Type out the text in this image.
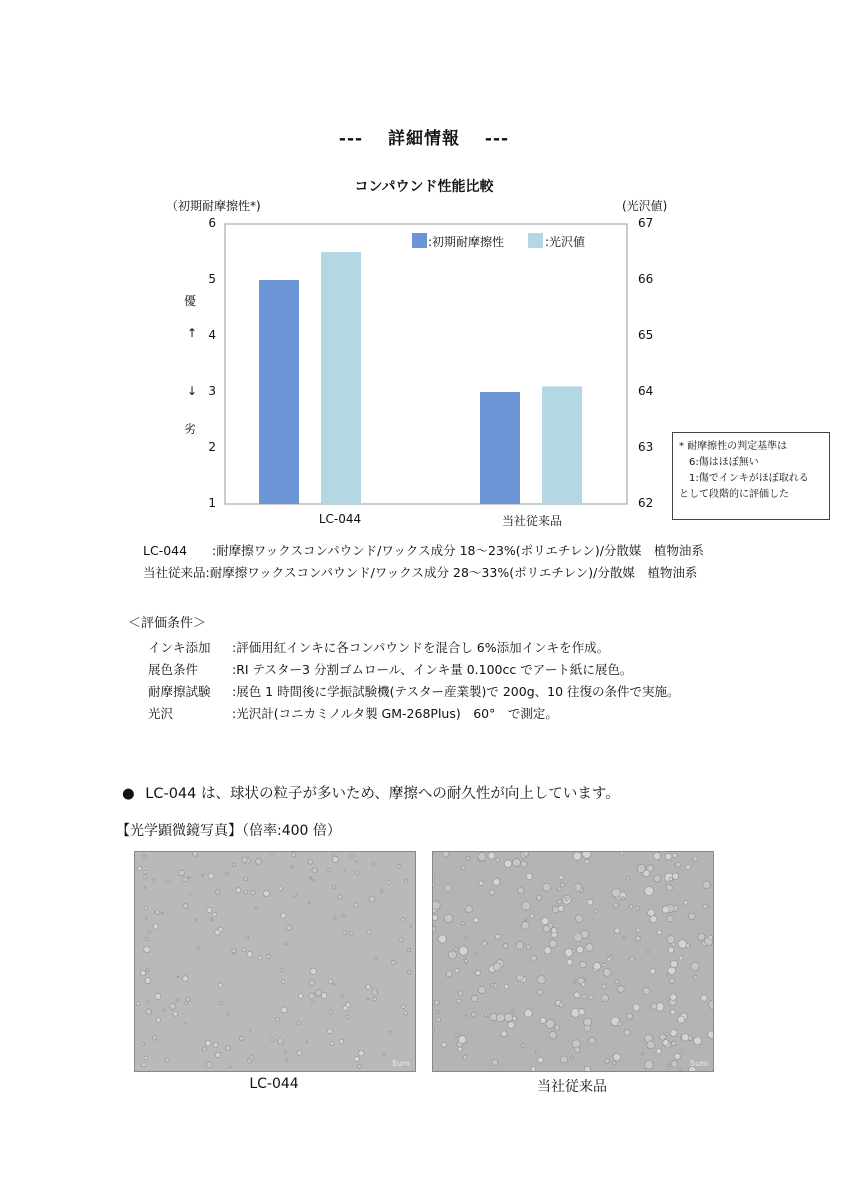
---　 詳細情報　 ---
コンパウンド性能比較
（初期耐摩擦性*)	(光沢値)
:初期耐摩擦性	:光沢値
1
2
3
4
5
6
62
63
64
65
66
67
優
↑
↓
劣
LC-044	当社従来品
* 耐摩擦性の判定基準は
6:傷はほぼ無い
1:傷でインキがほぼ取れる
として段階的に評価した
LC-044　　:耐摩擦ワックスコンパウンド/ワックス成分 18～23%(ポリエチレン)/分散媒　植物油系
当社従来品:耐摩擦ワックスコンパウンド/ワックス成分 28～33%(ポリエチレン)/分散媒　植物油系
＜評価条件＞
インキ添加 :評価用紅インキに各コンパウンドを混合し 6%添加インキを作成。
展色条件	:RI テスター3 分割ゴムロール、インキ量 0.100cc でアート紙に展色。
耐摩擦試験 :展色 1 時間後に学振試験機(テスター産業製)で 200g、10 往復の条件で実施。
光沢	:光沢計(コニカミノルタ製 GM-268Plus)　60°　で測定。
● LC-044 は、球状の粒子が多いため、摩擦への耐久性が向上しています。
【光学顕微鏡写真】（倍率:400 倍）
5um	5um
LC-044	当社従来品
